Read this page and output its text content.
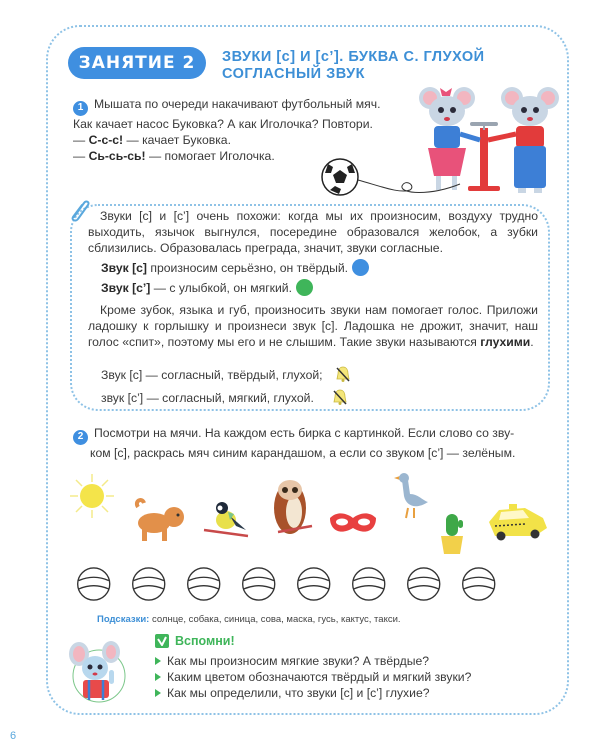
ЗАНЯТИЕ 2	ЗВУКИ [с] И [с’]. БУКВА С. ГЛУХОЙ
СОГЛАСНЫЙ ЗВУК
1 Мышата по очереди накачивают футбольный мяч.
Как качает насос Буковка? А как Иголочка? Повтори.
— С-с-с! — качает Буковка.
— Сь-сь-сь! — помогает Иголочка.
Звуки [с] и [с’] очень похожи: когда мы их произносим, воздуху трудно выходить, язычок выгнулся, посередине образовался желобок, а зубки сблизились. Образовалась преграда, значит, звуки согласные.
Звук [с] произносим серьёзно, он твёрдый.
Звук [с’] — с улыбкой, он мягкий.
Кроме зубок, языка и губ, произносить звуки нам помогает голос. Приложи ладошку к горлышку и произнеси звук [с]. Ладошка не дрожит, значит, наш голос «спит», поэтому мы его и не слышим. Такие звуки называются глухими.
Звук [с] — согласный, твёрдый, глухой;
звук [с’] — согласный, мягкий, глухой.
2 Посмотри на мячи. На каждом есть бирка с картинкой. Если слово со зву-
ком [с], раскрась мяч синим карандашом, а если со звуком [с’] — зелёным.
Подсказки: солнце, собака, синица, сова, маска, гусь, кактус, такси.
Вспомни!
Как мы произносим мягкие звуки? А твёрдые?
Каким цветом обозначаются твёрдый и мягкий звуки?
Как мы определили, что звуки [с] и [с’] глухие?
6
